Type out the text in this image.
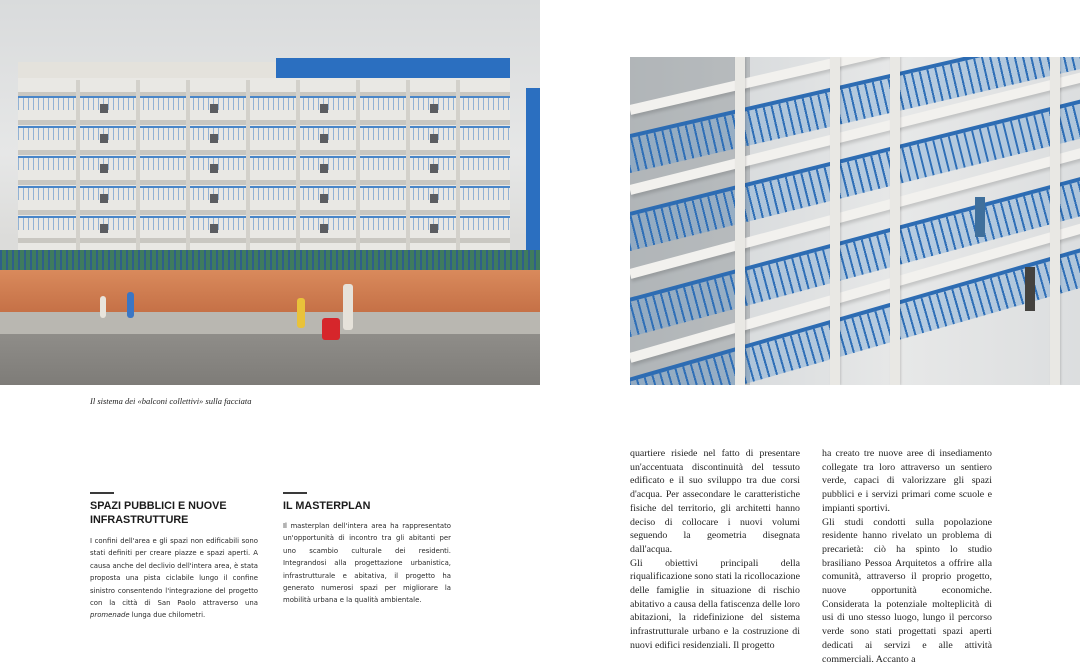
Il sistema dei «balconi collettivi» sulla facciata
SPAZI PUBBLICI E NUOVE INFRASTRUTTURE

I confini dell'area e gli spazi non edificabili sono stati definiti per creare piazze e spazi aperti. A causa anche del declivio dell'intera area, è stata proposta una pista ciclabile lungo il confine sinistro consentendo l'integrazione del progetto con la città di San Paolo attraverso una promenade lunga due chilometri.

IL MASTERPLAN

Il masterplan dell'intera area ha rappresentato un'opportunità di incontro tra gli abitanti per uno scambio culturale dei residenti. Integrandosi alla progettazione urbanistica, infrastrutturale e abitativa, il progetto ha generato numerosi spazi per migliorare la mobilità urbana e la qualità ambientale.

quartiere risiede nel fatto di presentare un'accentuata discontinuità del tessuto edificato e il suo sviluppo tra due corsi d'acqua. Per assecondare le caratteristiche fisiche del territorio, gli architetti hanno deciso di collocare i nuovi volumi seguendo la geometria disegnata dall'acqua.
Gli obiettivi principali della riqualificazione sono stati la ricollocazione delle famiglie in situazione di rischio abitativo a causa della fatiscenza delle loro abitazioni, la ridefinizione del sistema infrastrutturale urbano e la costruzione di nuovi edifici residenziali. Il progetto
ha creato tre nuove aree di insediamento collegate tra loro attraverso un sentiero verde, capaci di valorizzare gli spazi pubblici e i servizi primari come scuole e impianti sportivi.
Gli studi condotti sulla popolazione residente hanno rivelato un problema di precarietà: ciò ha spinto lo studio brasiliano Pessoa Arquitetos a offrire alla comunità, attraverso il proprio progetto, nuove opportunità economiche. Considerata la potenziale molteplicità di usi di uno stesso luogo, lungo il percorso verde sono stati progettati spazi aperti dedicati ai servizi e alle attività commerciali. Accanto a
